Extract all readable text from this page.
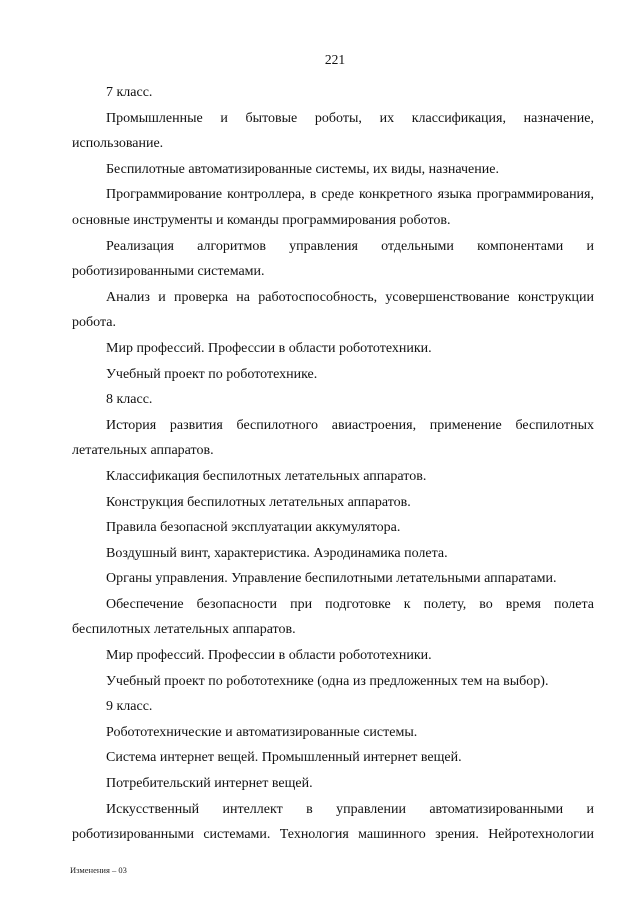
221

7 класс.

Промышленные и бытовые роботы, их классификация, назначение, использование.

Беспилотные автоматизированные системы, их виды, назначение.

Программирование контроллера, в среде конкретного языка программирования, основные инструменты и команды программирования роботов.

Реализация алгоритмов управления отдельными компонентами и роботизированными системами.

Анализ и проверка на работоспособность, усовершенствование конструкции робота.

Мир профессий. Профессии в области робототехники.

Учебный проект по робототехнике.

8 класс.

История развития беспилотного авиастроения, применение беспилотных летательных аппаратов.

Классификация беспилотных летательных аппаратов.

Конструкция беспилотных летательных аппаратов.

Правила безопасной эксплуатации аккумулятора.

Воздушный винт, характеристика. Аэродинамика полета.

Органы управления. Управление беспилотными летательными аппаратами.

Обеспечение безопасности при подготовке к полету, во время полета беспилотных летательных аппаратов.

Мир профессий. Профессии в области робототехники.

Учебный проект по робототехнике (одна из предложенных тем на выбор).

9 класс.

Робототехнические и автоматизированные системы.

Система интернет вещей. Промышленный интернет вещей.

Потребительский интернет вещей.

Искусственный интеллект в управлении автоматизированными и роботизированными системами. Технология машинного зрения. Нейротехнологии

Изменения – 03
